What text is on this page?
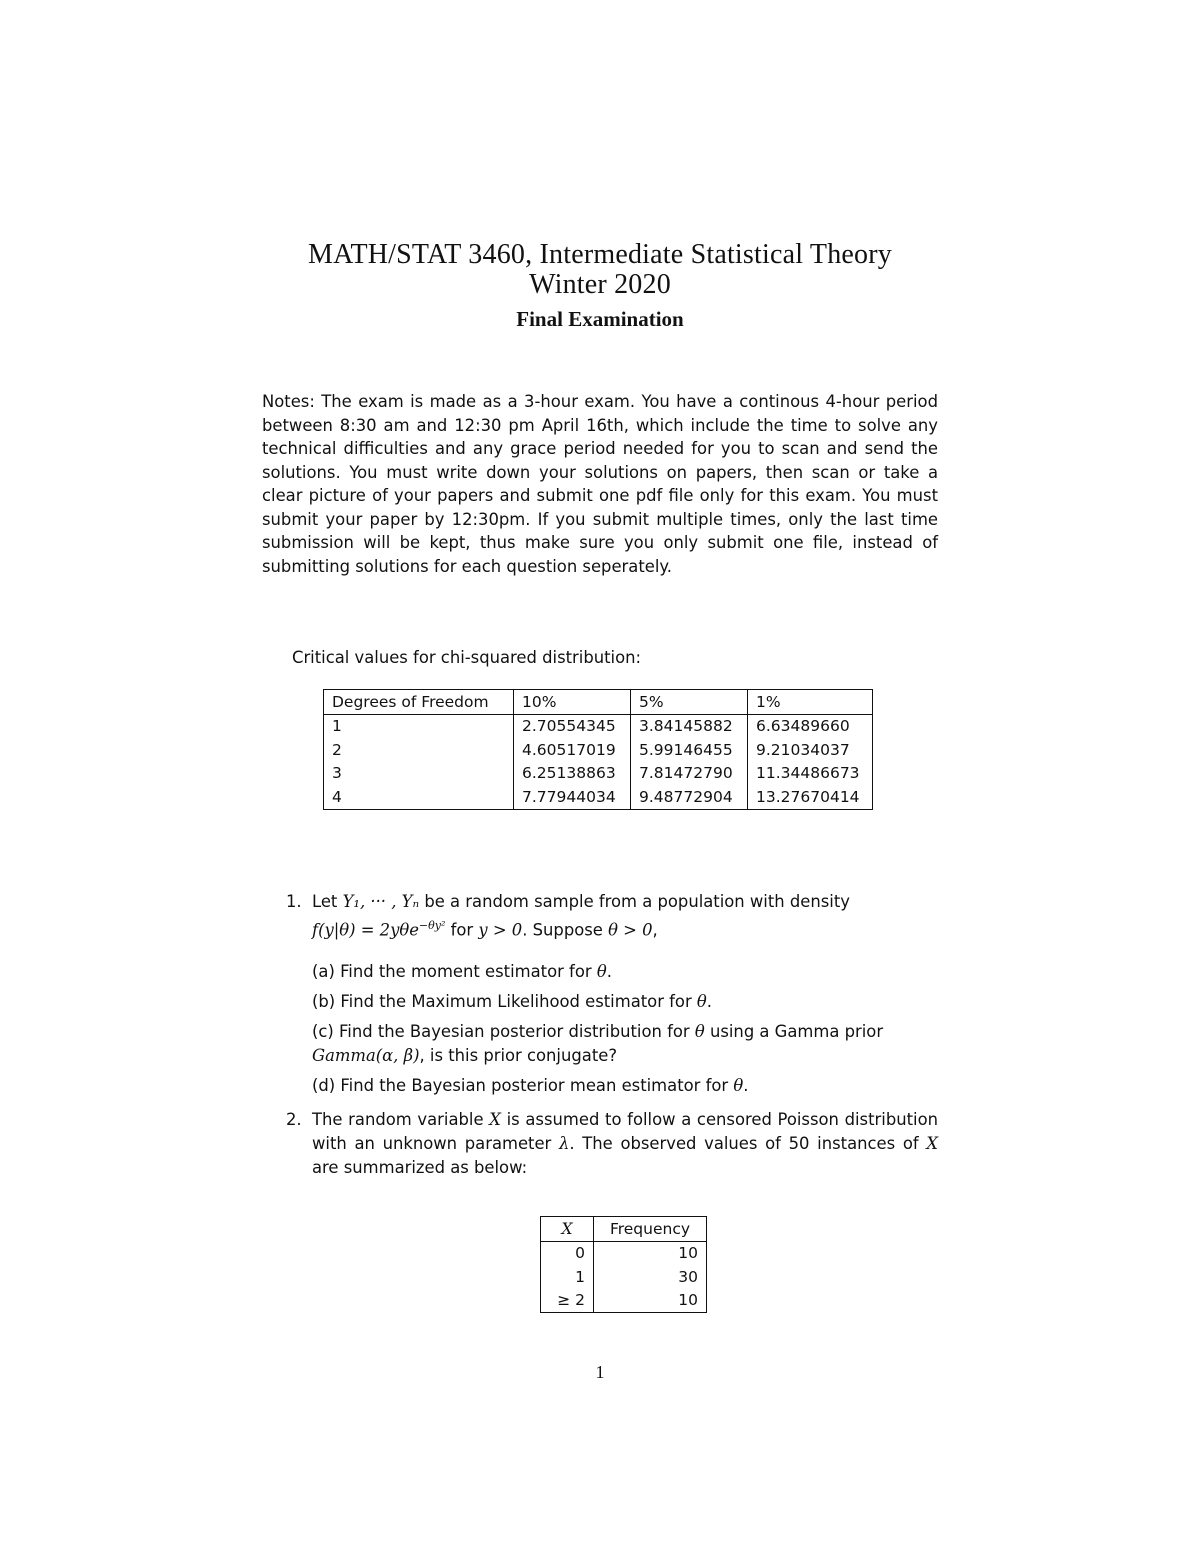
MATH/STAT 3460, Intermediate Statistical Theory
Winter 2020
Final Examination
Notes: The exam is made as a 3-hour exam. You have a continous 4-hour period between 8:30 am and 12:30 pm April 16th, which include the time to solve any technical difficulties and any grace period needed for you to scan and send the solutions. You must write down your solutions on papers, then scan or take a clear picture of your papers and submit one pdf file only for this exam. You must submit your paper by 12:30pm. If you submit multiple times, only the last time submission will be kept, thus make sure you only submit one file, instead of submitting solutions for each question seperately.
Critical values for chi-squared distribution:
Degrees of Freedom	10%	5%	1%
1	2.70554345	3.84145882	6.63489660
2	4.60517019	5.99146455	9.21034037
3	6.25138863	7.81472790	11.34486673
4	7.77944034	9.48772904	13.27670414
1. Let Y₁, ··· , Yₙ be a random sample from a population with density
f(y|θ) = 2yθe$^{-\theta y^2}$ for y > 0. Suppose θ > 0,
(a) Find the moment estimator for θ.
(b) Find the Maximum Likelihood estimator for θ.
(c) Find the Bayesian posterior distribution for θ using a Gamma prior
Gamma(α, β), is this prior conjugate?
(d) Find the Bayesian posterior mean estimator for θ.
2. The random variable X is assumed to follow a censored Poisson distribution with an unknown parameter λ. The observed values of 50 instances of X are summarized as below:
X	Frequency
0	10
1	30
≥ 2	10
1
